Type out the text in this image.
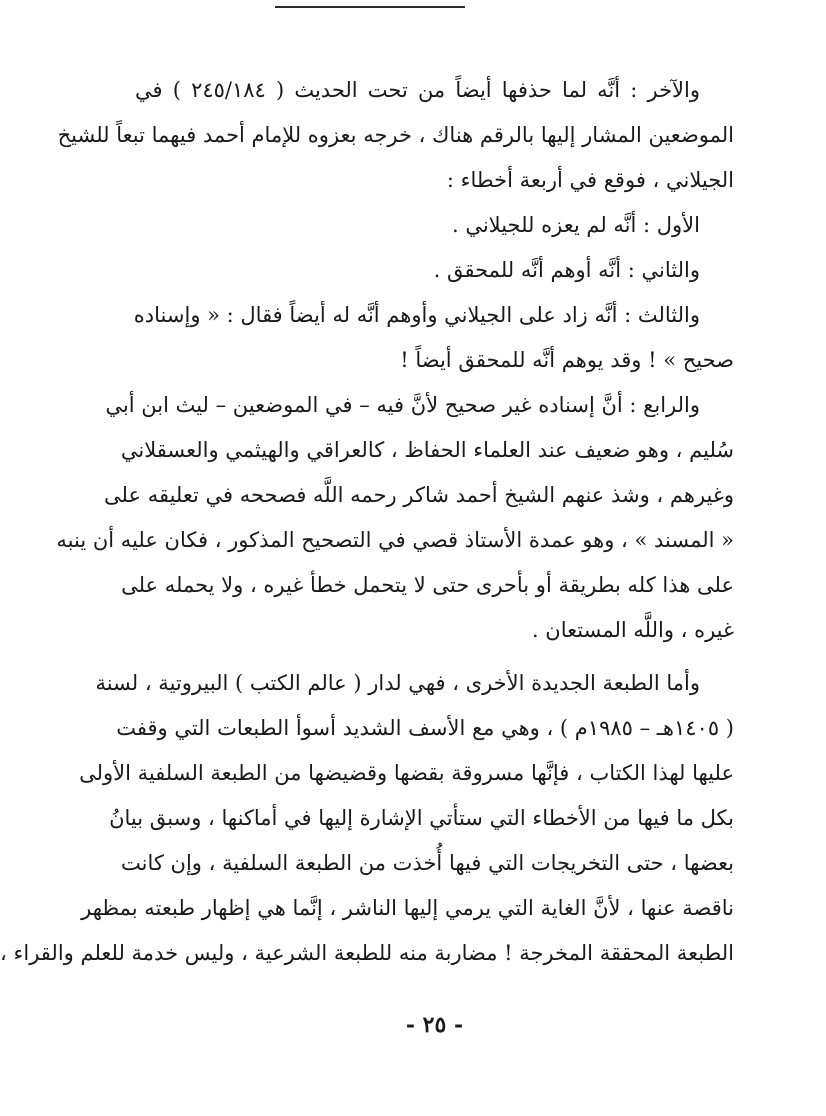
والآخر : أنَّه لما حذفها أيضاً من تحت الحديث ( ٢٤٥/١٨٤ ) في
الموضعين المشار إليها بالرقم هناك ، خرجه بعزوه للإمام أحمد فيهما تبعاً للشيخ
الجيلاني ، فوقع في أربعة أخطاء :
الأول : أنَّه لم يعزه للجيلاني .
والثاني : أنَّه أوهم أنَّه للمحقق .
والثالث : أنَّه زاد على الجيلاني وأوهم أنَّه له أيضاً فقال : « وإسناده
صحيح » ! وقد يوهم أنَّه للمحقق أيضاً !
والرابع : أنَّ إسناده غير صحيح لأنَّ فيه – في الموضعين – ليث ابن أبي
سُليم ، وهو ضعيف عند العلماء الحفاظ ، كالعراقي والهيثمي والعسقلاني
وغيرهم ، وشذ عنهم الشيخ أحمد شاكر رحمه اللَّه فصححه في تعليقه على
« المسند » ، وهو عمدة الأستاذ قصي في التصحيح المذكور ، فكان عليه أن ينبه
على هذا كله بطريقة أو بأحرى حتى لا يتحمل خطأ غيره ، ولا يحمله على
غيره ، واللَّه المستعان .
وأما الطبعة الجديدة الأخرى ، فهي لدار ( عالم الكتب ) البيروتية ، لسنة
( ١٤٠٥هـ – ١٩٨٥م ) ، وهي مع الأسف الشديد أسوأ الطبعات التي وقفت
عليها لهذا الكتاب ، فإنَّها مسروقة بقضها وقضيضها من الطبعة السلفية الأولى
بكل ما فيها من الأخطاء التي ستأتي الإشارة إليها في أماكنها ، وسبق بيانُ
بعضها ، حتى التخريجات التي فيها أُخذت من الطبعة السلفية ، وإن كانت
ناقصة عنها ، لأنَّ الغاية التي يرمي إليها الناشر ، إنَّما هي إظهار طبعته بمظهر
الطبعة المحققة المخرجة ! مضاربة منه للطبعة الشرعية ، وليس خدمة للعلم والقراء ،
- ٢٥ -
